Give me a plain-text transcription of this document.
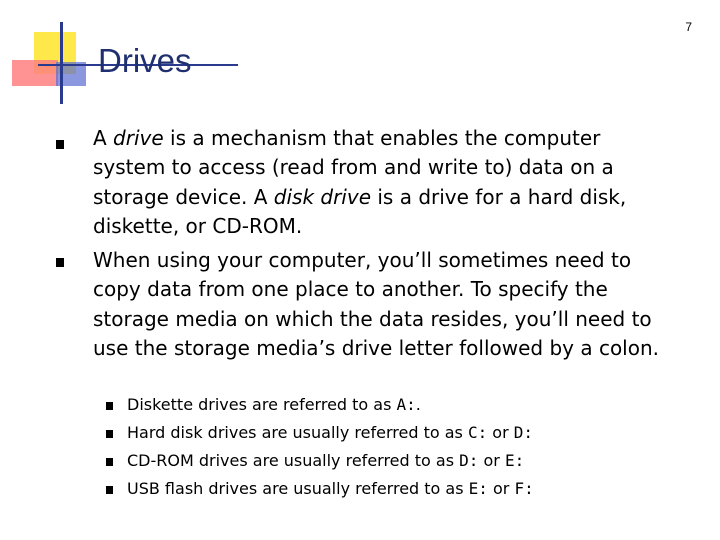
7
Drives
A drive is a mechanism that enables the computer system to access (read from and write to) data on a storage device. A disk drive is a drive for a hard disk, diskette, or CD-ROM.
When using your computer, you’ll sometimes need to copy data from one place to another. To specify the storage media on which the data resides, you’ll need to use the storage media’s drive letter followed by a colon.
Diskette drives are referred to as A:.
Hard disk drives are usually referred to as C: or D:
CD-ROM drives are usually referred to as D: or E:
USB flash drives are usually referred to as E: or F:
